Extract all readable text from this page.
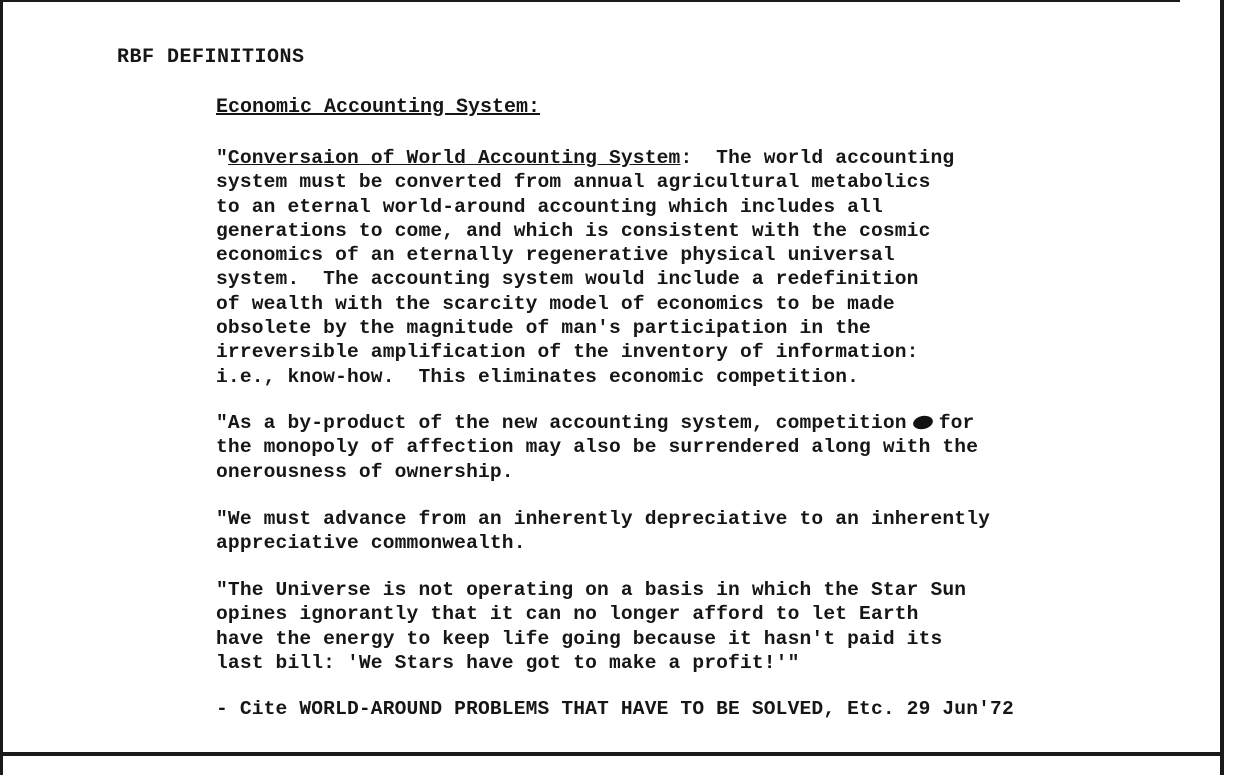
RBF DEFINITIONS
Economic Accounting System:
"Conversaion of World Accounting System:  The world accounting
system must be converted from annual agricultural metabolics
to an eternal world-around accounting which includes all
generations to come, and which is consistent with the cosmic
economics of an eternally regenerative physical universal
system.  The accounting system would include a redefinition
of wealth with the scarcity model of economics to be made
obsolete by the magnitude of man's participation in the
irreversible amplification of the inventory of information:
i.e., know-how.  This eliminates economic competition.
"As a by-product of the new accounting system, competition for
the monopoly of affection may also be surrendered along with the
onerousness of ownership.
"We must advance from an inherently depreciative to an inherently
appreciative commonwealth.
"The Universe is not operating on a basis in which the Star Sun
opines ignorantly that it can no longer afford to let Earth
have the energy to keep life going because it hasn't paid its
last bill: 'We Stars have got to make a profit!'"
- Cite WORLD-AROUND PROBLEMS THAT HAVE TO BE SOLVED, Etc. 29 Jun'72
